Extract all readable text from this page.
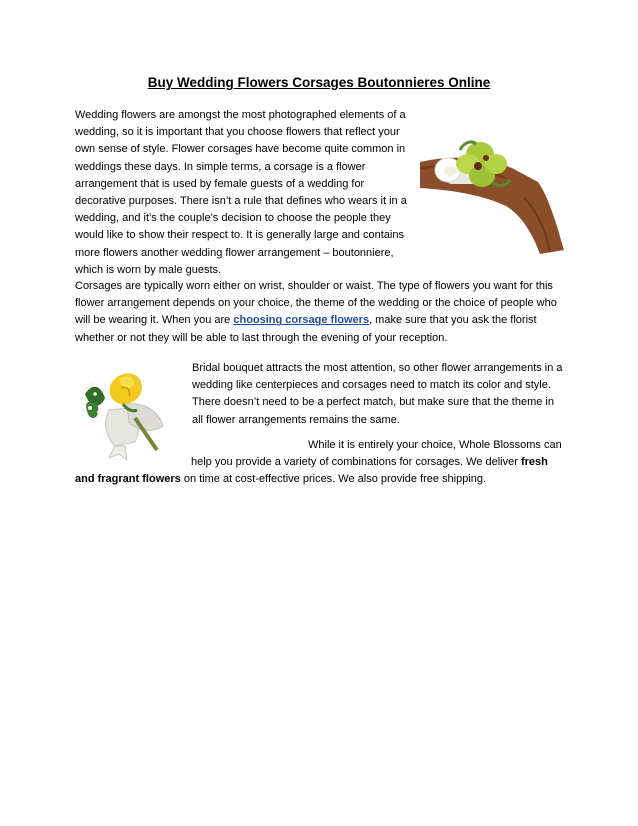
Buy Wedding Flowers Corsages Boutonnieres Online
Wedding flowers are amongst the most photographed elements of a wedding, so it is important that you choose flowers that reflect your own sense of style. Flower corsages have become quite common in weddings these days. In simple terms, a corsage is a flower arrangement that is used by female guests of a wedding for decorative purposes. There isn’t a rule that defines who wears it in a wedding, and it’s the couple’s decision to choose the people they would like to show their respect to. It is generally large and contains more flowers another wedding flower arrangement – boutonniere, which is worn by male guests.
Corsages are typically worn either on wrist, shoulder or waist. The type of flowers you want for this flower arrangement depends on your choice, the theme of the wedding or the choice of people who will be wearing it. When you are choosing corsage flowers, make sure that you ask the florist whether or not they will be able to last through the evening of your reception.
Bridal bouquet attracts the most attention, so other flower arrangements in a wedding like centerpieces and corsages need to match its color and style. There doesn’t need to be a perfect match, but make sure that the theme in all flower arrangements remains the same.
While it is entirely your choice, Whole Blossoms can help you provide a variety of combinations for corsages. We deliver fresh and fragrant flowers on time at cost-effective prices. We also provide free shipping.
